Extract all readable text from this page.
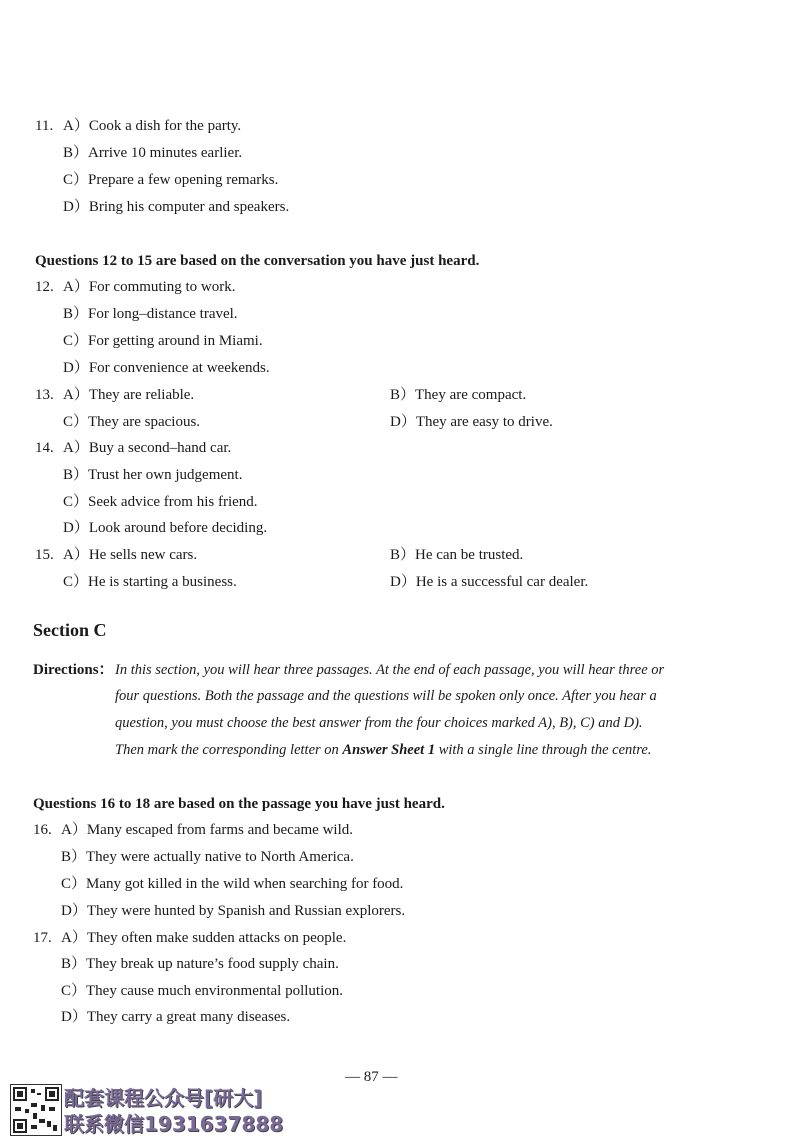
11. A）Cook a dish for the party.
B）Arrive 10 minutes earlier.
C）Prepare a few opening remarks.
D）Bring his computer and speakers.
Questions 12 to 15 are based on the conversation you have just heard.
12. A）For commuting to work.
B）For long–distance travel.
C）For getting around in Miami.
D）For convenience at weekends.
13. A）They are reliable.	B）They are compact.
C）They are spacious.	D）They are easy to drive.
14. A）Buy a second–hand car.
B）Trust her own judgement.
C）Seek advice from his friend.
D）Look around before deciding.
15. A）He sells new cars.	B）He can be trusted.
C）He is starting a business.	D）He is a successful car dealer.
Section C
Directions： In this section, you will hear three passages. At the end of each passage, you will hear three or
four questions. Both the passage and the questions will be spoken only once. After you hear a
question, you must choose the best answer from the four choices marked A), B), C) and D).
Then mark the corresponding letter on Answer Sheet 1 with a single line through the centre.
Questions 16 to 18 are based on the passage you have just heard.
16. A）Many escaped from farms and became wild.
B）They were actually native to North America.
C）Many got killed in the wild when searching for food.
D）They were hunted by Spanish and Russian explorers.
17. A）They often make sudden attacks on people.
B）They break up nature’s food supply chain.
C）They cause much environmental pollution.
D）They carry a great many diseases.
— 87 —
配套课程公众号[研大]
联系微信1931637888
